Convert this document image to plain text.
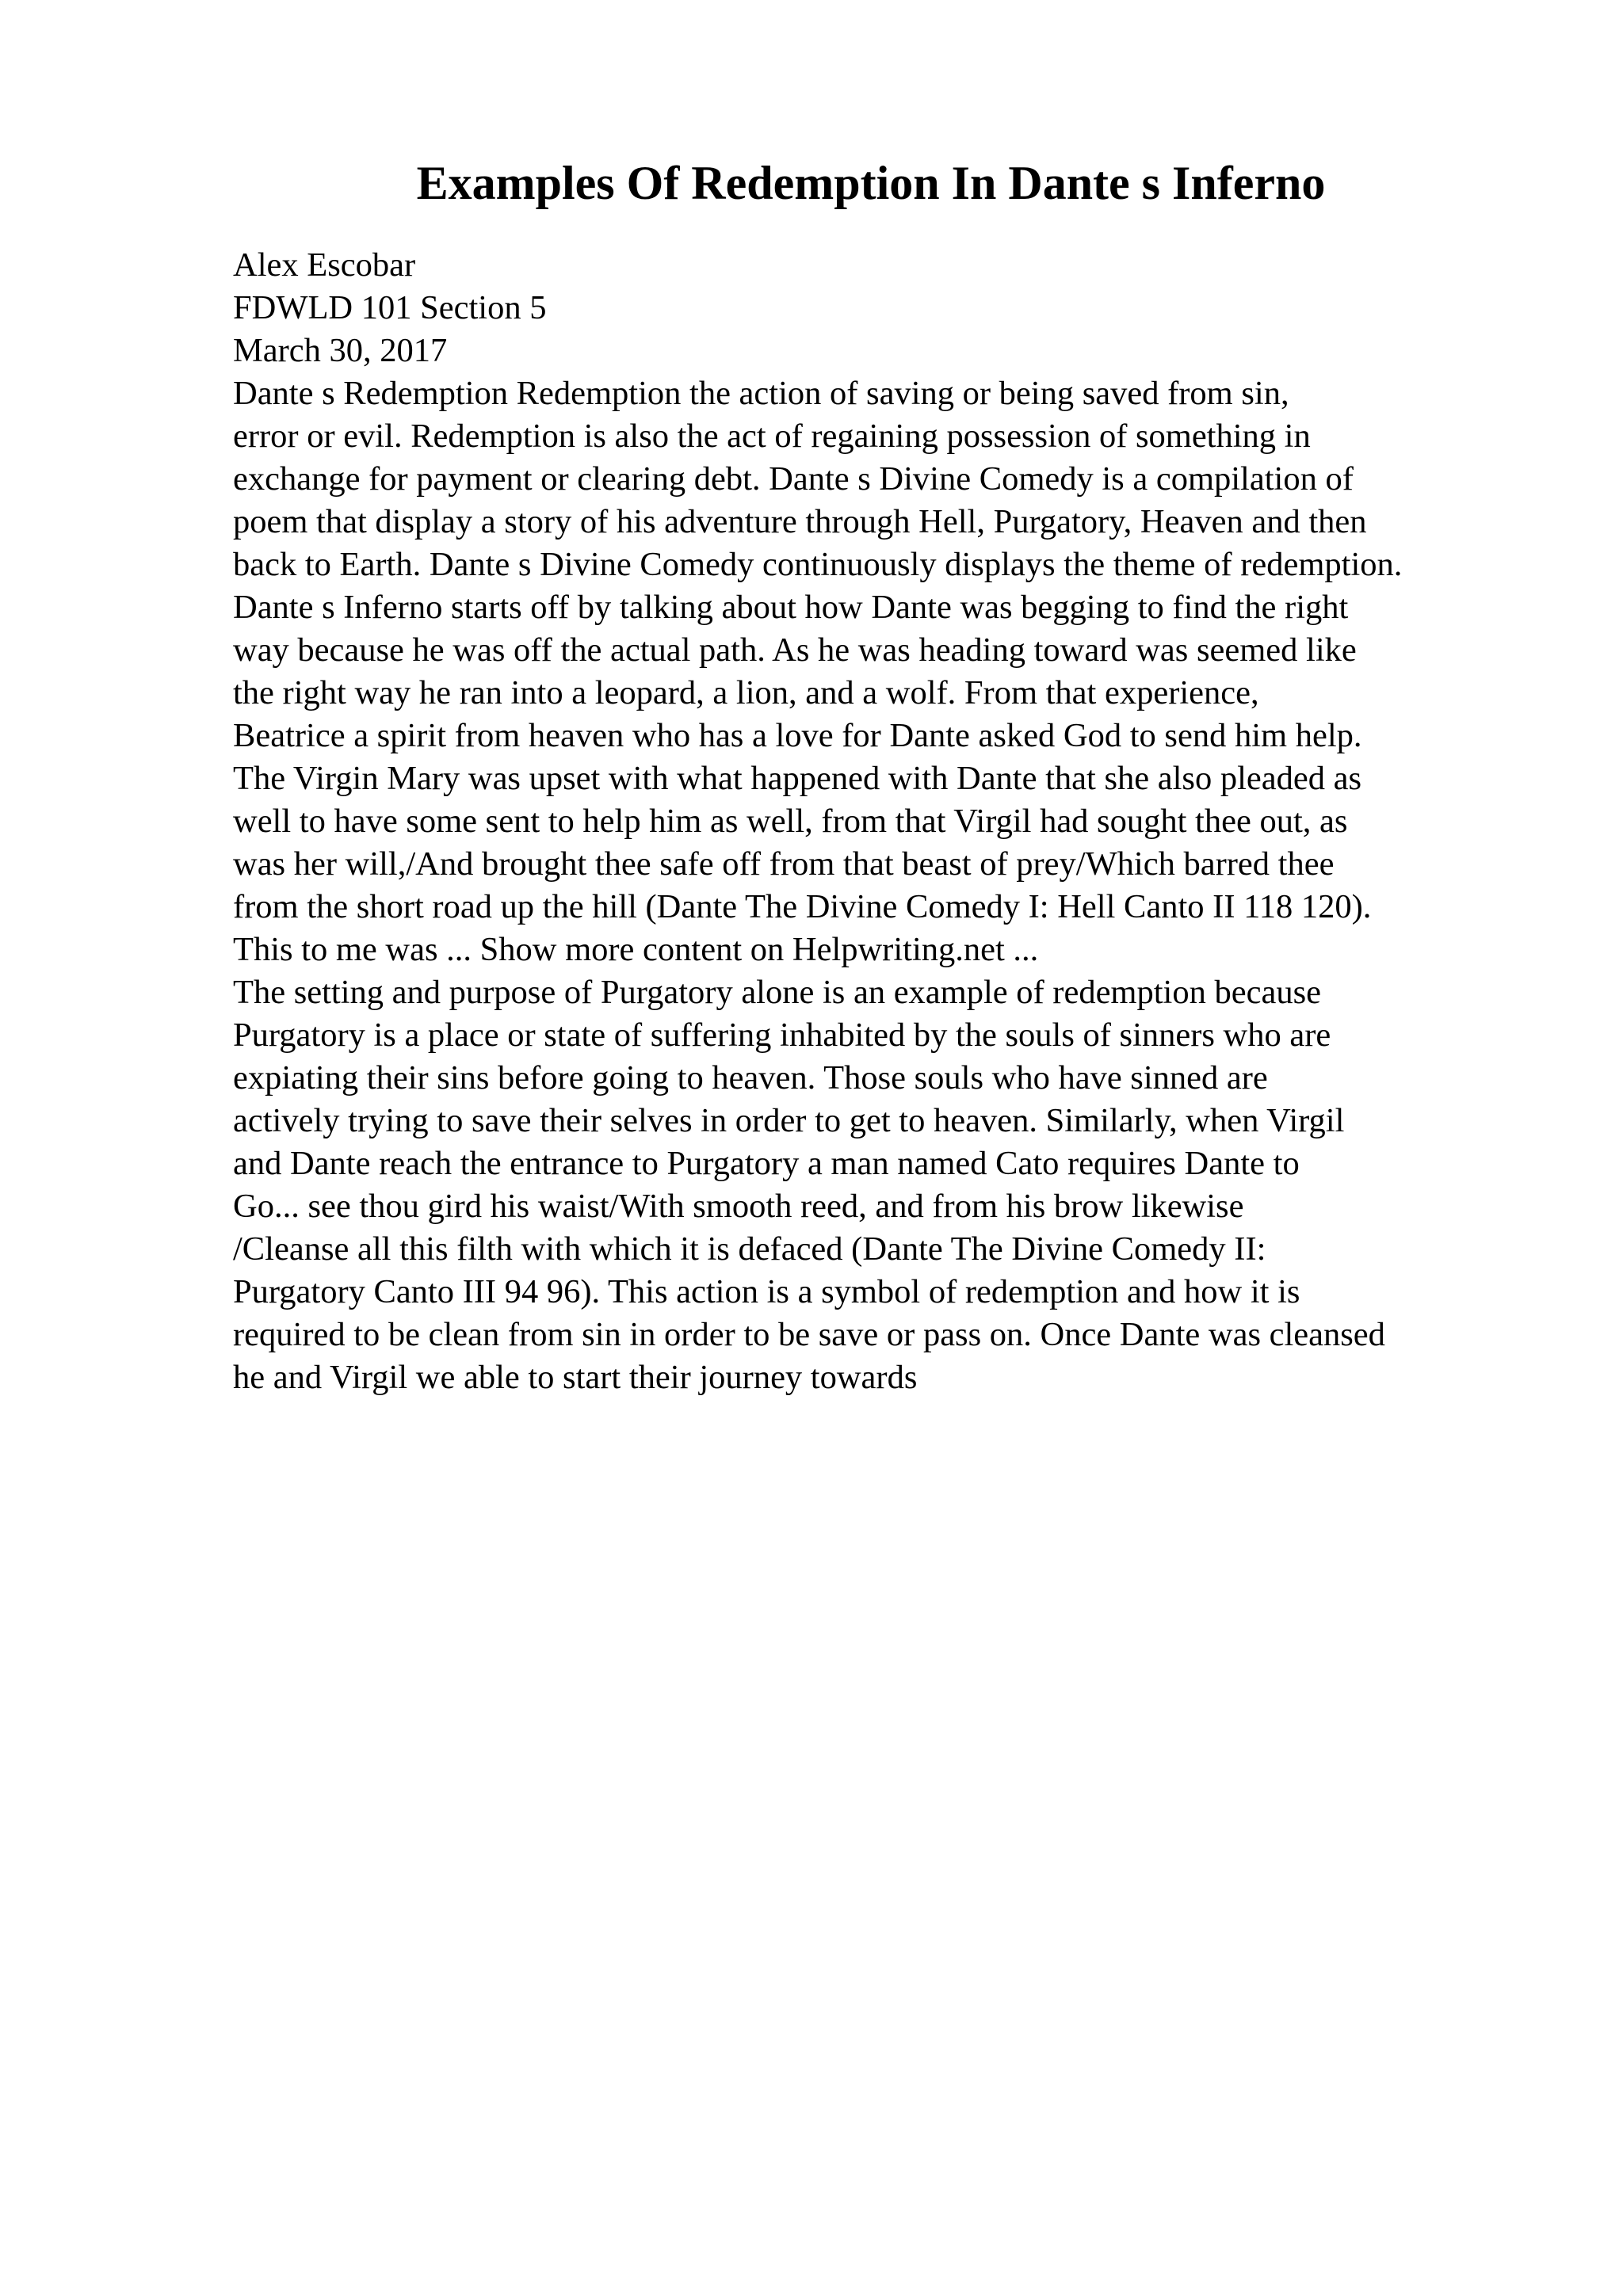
Examples Of Redemption In Dante s Inferno
Alex Escobar
FDWLD 101 Section 5
March 30, 2017
Dante s Redemption Redemption the action of saving or being saved from sin,
error or evil. Redemption is also the act of regaining possession of something in
exchange for payment or clearing debt. Dante s Divine Comedy is a compilation of
poem that display a story of his adventure through Hell, Purgatory, Heaven and then
back to Earth. Dante s Divine Comedy continuously displays the theme of redemption.
Dante s Inferno starts off by talking about how Dante was begging to find the right
way because he was off the actual path. As he was heading toward was seemed like
the right way he ran into a leopard, a lion, and a wolf. From that experience,
Beatrice a spirit from heaven who has a love for Dante asked God to send him help.
The Virgin Mary was upset with what happened with Dante that she also pleaded as
well to have some sent to help him as well, from that Virgil had sought thee out, as
was her will,/And brought thee safe off from that beast of prey/Which barred thee
from the short road up the hill (Dante The Divine Comedy I: Hell Canto II 118 120).
This to me was ... Show more content on Helpwriting.net ...
The setting and purpose of Purgatory alone is an example of redemption because
Purgatory is a place or state of suffering inhabited by the souls of sinners who are
expiating their sins before going to heaven. Those souls who have sinned are
actively trying to save their selves in order to get to heaven. Similarly, when Virgil
and Dante reach the entrance to Purgatory a man named Cato requires Dante to
Go... see thou gird his waist/With smooth reed, and from his brow likewise
/Cleanse all this filth with which it is defaced (Dante The Divine Comedy II:
Purgatory Canto III 94 96). This action is a symbol of redemption and how it is
required to be clean from sin in order to be save or pass on. Once Dante was cleansed
he and Virgil we able to start their journey towards
